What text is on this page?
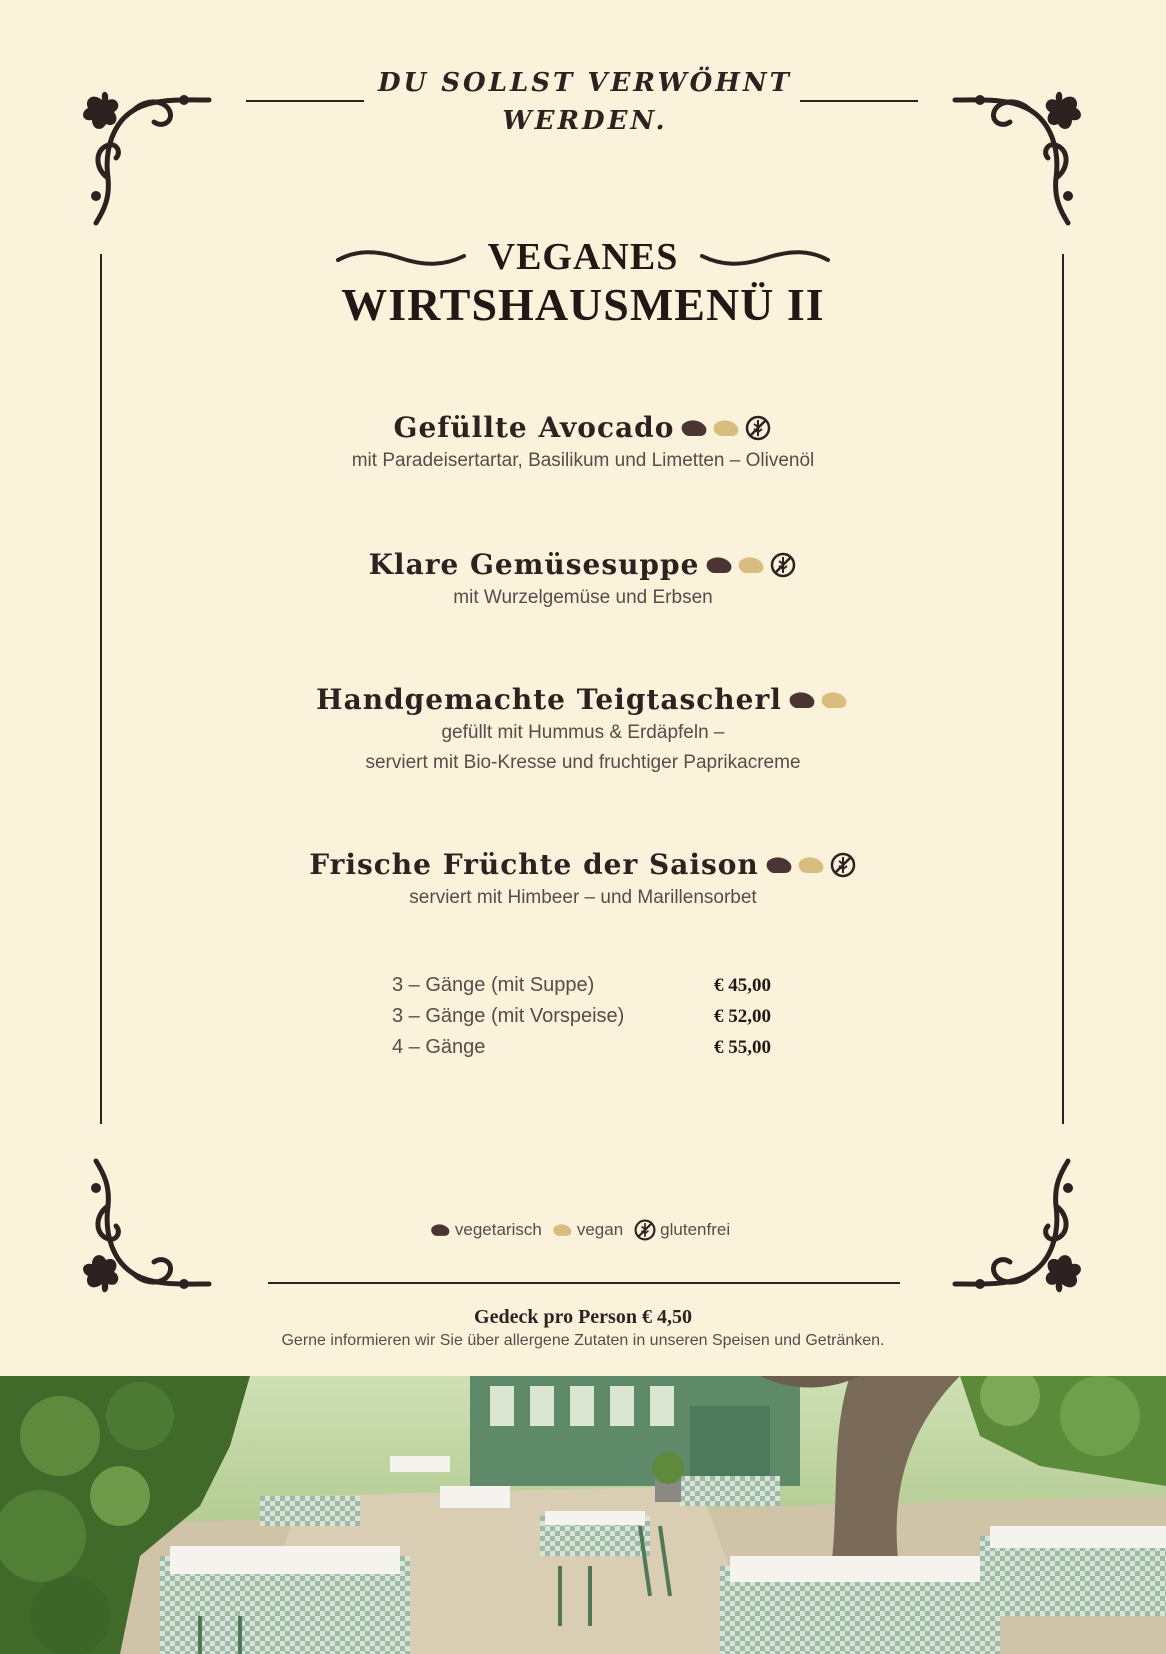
DU SOLLST VERWÖHNT
WERDEN.
VEGANES
WIRTSHAUSMENÜ II
Gefüllte Avocado
mit Paradeisertartar, Basilikum und Limetten – Olivenöl
Klare Gemüsesuppe
mit Wurzelgemüse und Erbsen
Handgemachte Teigtascherl
gefüllt mit Hummus & Erdäpfeln –
serviert mit Bio-Kresse und fruchtiger Paprikacreme
Frische Früchte der Saison
serviert mit Himbeer – und Marillensorbet
3 – Gänge (mit Suppe)	€ 45,00
3 – Gänge (mit Vorspeise)	€ 52,00
4 – Gänge	€ 55,00
vegetarisch vegan glutenfrei
Gedeck pro Person € 4,50
Gerne informieren wir Sie über allergene Zutaten in unseren Speisen und Getränken.
